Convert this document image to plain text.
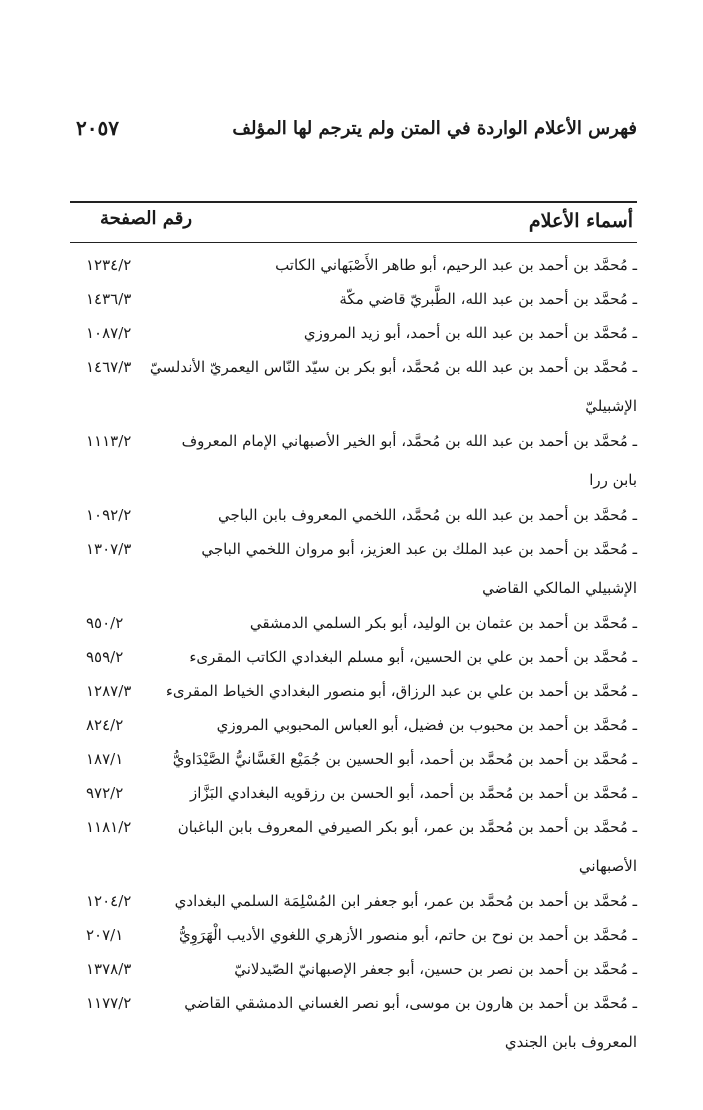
فهرس الأعلام الواردة في المتن ولم يترجم لها المؤلف
٢٠٥٧
أسماء الأعلام
رقم الصفحة
ـ مُحمَّد بن أحمد بن عبد الرحيم، أبو طاهر الأَصْبَهاني الكاتب
١٢٣٤/٢
ـ مُحمَّد بن أحمد بن عبد الله، الطَّبريّ قاضي مكّة
١٤٣٦/٣
ـ مُحمَّد بن أحمد بن عبد الله بن أحمد، أبو زيد المروزي
١٠٨٧/٢
ـ مُحمَّد بن أحمد بن عبد الله بن مُحمَّد، أبو بكر بن سيّد النّاس اليعمريّ الأندلسيّ
١٤٦٧/٣
الإشبيليّ
ـ مُحمَّد بن أحمد بن عبد الله بن مُحمَّد، أبو الخير الأصبهاني الإمام المعروف
١١١٣/٢
بابن ررا
ـ مُحمَّد بن أحمد بن عبد الله بن مُحمَّد، اللخمي المعروف بابن الباجي
١٠٩٢/٢
ـ مُحمَّد بن أحمد بن عبد الملك بن عبد العزيز، أبو مروان اللخمي الباجي
١٣٠٧/٣
الإشبيلي المالكي القاضي
ـ مُحمَّد بن أحمد بن عثمان بن الوليد، أبو بكر السلمي الدمشقي
٩٥٠/٢
ـ مُحمَّد بن أحمد بن علي بن الحسين، أبو مسلم البغدادي الكاتب المقرىء
٩٥٩/٢
ـ مُحمَّد بن أحمد بن علي بن عبد الرزاق، أبو منصور البغدادي الخياط المقرىء
١٢٨٧/٣
ـ مُحمَّد بن أحمد بن محبوب بن فضيل، أبو العباس المحبوبي المروزي
٨٢٤/٢
ـ مُحمَّد بن أحمد بن مُحمَّد بن أحمد، أبو الحسين بن جُمَيْع الغَسَّانيُّ الصَّيْدَاويُّ
١٨٧/١
ـ مُحمَّد بن أحمد بن مُحمَّد بن أحمد، أبو الحسن بن رزقويه البغدادي البَزَّاز
٩٧٢/٢
ـ مُحمَّد بن أحمد بن مُحمَّد بن عمر، أبو بكر الصيرفي المعروف بابن الباغبان
١١٨١/٢
الأصبهاني
ـ مُحمَّد بن أحمد بن مُحمَّد بن عمر، أبو جعفر ابن المُسْلِمَة السلمي البغدادي
١٢٠٤/٢
ـ مُحمَّد بن أحمد بن نوح بن حاتم، أبو منصور الأزهري اللغوي الأديب الْهَرَوِيُّ
٢٠٧/١
ـ مُحمَّد بن أحمد بن نصر بن حسين، أبو جعفر الإصبهانيّ الصّيدلانيّ
١٣٧٨/٣
ـ مُحمَّد بن أحمد بن هارون بن موسى، أبو نصر الغساني الدمشقي القاضي
١١٧٧/٢
المعروف بابن الجندي
